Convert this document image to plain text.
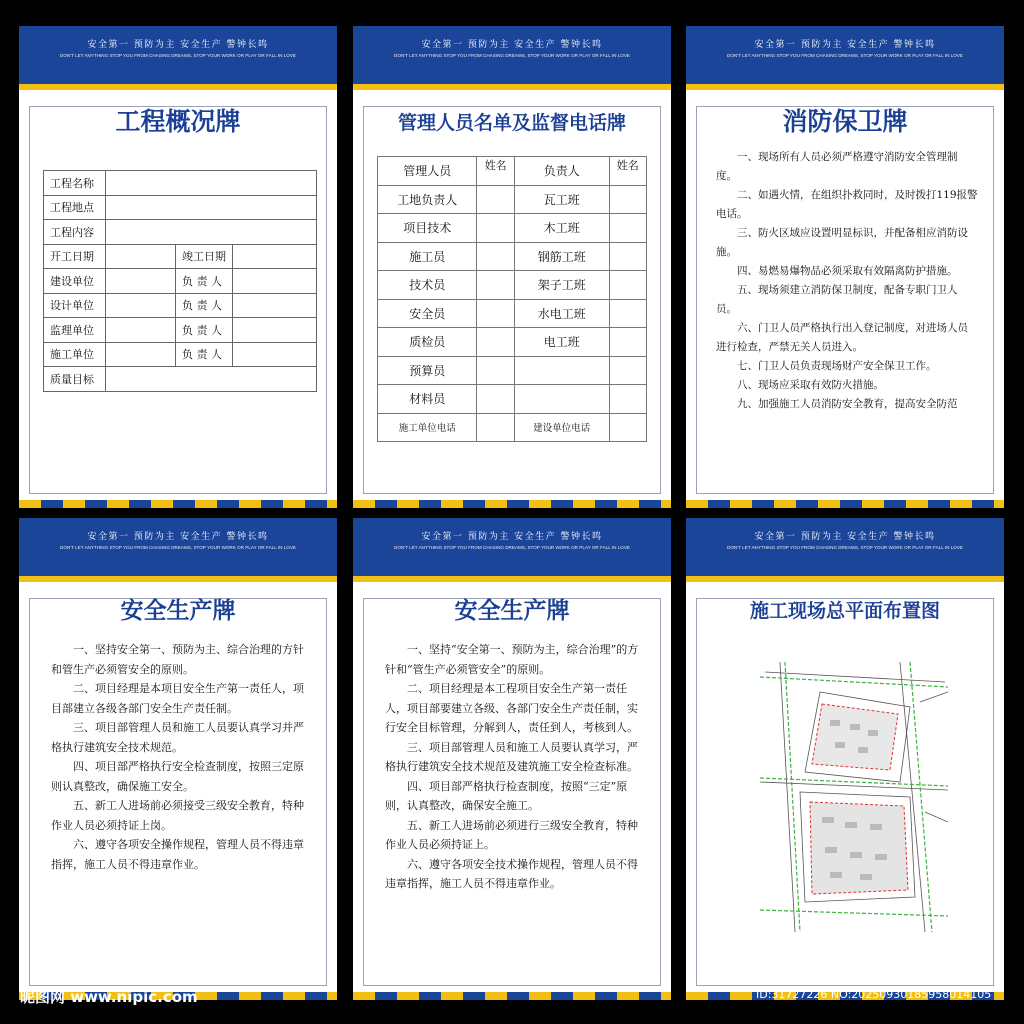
安全第一 预防为主 安全生产 警钟长鸣
DON'T LET ANYTHING STOP YOU FROM CHASING DREAMS, STOP YOUR WORK OR PLAY OR FALL IN LOVE
工程概况牌
工程名称			
工程地点			
工程内容			
开工日期		竣工日期	
建设单位		负 责 人	
设计单位		负 责 人	
监理单位		负 责 人	
施工单位		负 责 人	
质量目标			
安全第一 预防为主 安全生产 警钟长鸣
DON'T LET ANYTHING STOP YOU FROM CHASING DREAMS, STOP YOUR WORK OR PLAY OR FALL IN LOVE
管理人员名单及监督电话牌
管理人员	姓名	负责人	姓名
工地负责人		瓦工班	
项目技术		木工班	
施工员		钢筋工班	
技术员		架子工班	
安全员		水电工班	
质检员		电工班	
预算员			
材料员			
施工单位电话		建设单位电话	
安全第一 预防为主 安全生产 警钟长鸣
DON'T LET ANYTHING STOP YOU FROM CHASING DREAMS, STOP YOUR WORK OR PLAY OR FALL IN LOVE
消防保卫牌

一、现场所有人员必须严格遵守消防安全管理制度。

二、如遇火情，在组织扑救同时，及时拨打119报警电话。

三、防火区域应设置明显标识，并配备相应消防设施。

四、易燃易爆物品必须采取有效隔离防护措施。

五、现场须建立消防保卫制度，配备专职门卫人员。

六、门卫人员严格执行出入登记制度，对进场人员进行检查，严禁无关人员进入。

七、门卫人员负责现场财产安全保卫工作。

八、现场应采取有效防火措施。

九、加强施工人员消防安全教育，提高安全防范

安全第一 预防为主 安全生产 警钟长鸣
DON'T LET ANYTHING STOP YOU FROM CHASING DREAMS, STOP YOUR WORK OR PLAY OR FALL IN LOVE
安全生产牌

一、坚持安全第一、预防为主、综合治理的方针和管生产必须管安全的原则。

二、项目经理是本项目安全生产第一责任人，项目部建立各级各部门安全生产责任制。

三、项目部管理人员和施工人员要认真学习并严格执行建筑安全技术规范。

四、项目部严格执行安全检查制度，按照三定原则认真整改，确保施工安全。

五、新工人进场前必须接受三级安全教育，特种作业人员必须持证上岗。

六、遵守各项安全操作规程，管理人员不得违章指挥，施工人员不得违章作业。

安全第一 预防为主 安全生产 警钟长鸣
DON'T LET ANYTHING STOP YOU FROM CHASING DREAMS, STOP YOUR WORK OR PLAY OR FALL IN LOVE
安全生产牌

一、坚持“安全第一、预防为主，综合治理”的方针和“管生产必须管安全”的原则。

二、项目经理是本工程项目安全生产第一责任人，项目部要建立各级、各部门安全生产责任制，实行安全目标管理，分解到人，责任到人，考核到人。

三、项目部管理人员和施工人员要认真学习，严格执行建筑安全技术规范及建筑施工安全检查标准。

四、项目部严格执行检查制度，按照“三定”原则，认真整改，确保安全施工。

五、新工人进场前必须进行三级安全教育，特种作业人员必须持证上。

六、遵守各项安全技术操作规程，管理人员不得违章指挥，施工人员不得违章作业。

安全第一 预防为主 安全生产 警钟长鸣
DON'T LET ANYTHING STOP YOU FROM CHASING DREAMS, STOP YOUR WORK OR PLAY OR FALL IN LOVE
施工现场总平面布置图
昵图网 www.nipic.com	ID:31727226 NO:20250930185958014105
